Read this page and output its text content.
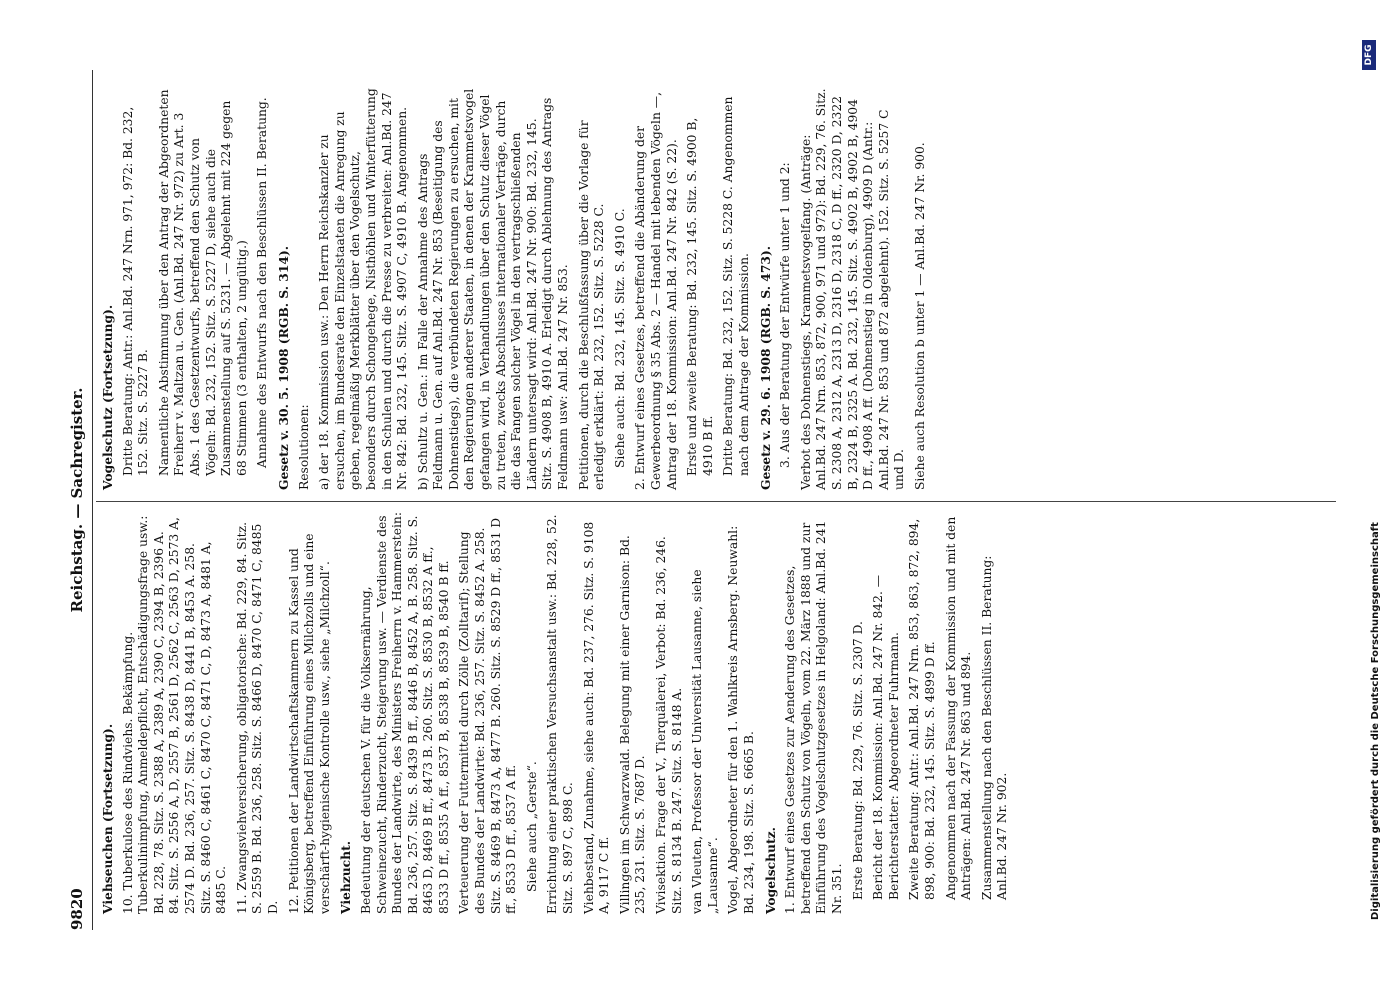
9820
Reichstag. — Sachregister.
Viehseuchen (Fortsetzung). 10. Tuberkulose des Rindviehs. Bekämpfung. Tuberkulinimpfung, Anmeldepflicht, Entschädigungsfrage usw.: Bd. 228, 78. Sitz. S. 2388 A, 2389 A, 2390 C, 2394 B, 2396 A. 84. Sitz. S. 2556 A, D, 2557 B, 2561 D, 2562 C, 2563 D, 2573 A, 2574 D. Bd. 236, 257. Sitz. S. 8438 D, 8441 B, 8453 A. 258. Sitz. S. 8460 C, 8461 C, 8470 C, 8471 C, D, 8473 A, 8481 A, 8485 C. 11. Zwangsviehversicherung, obligatorische: Bd. 229, 84. Sitz. S. 2559 B. Bd. 236, 258. Sitz. S. 8466 D, 8470 C, 8471 C, 8485 D. 12. Petitionen der Landwirtschaftskammern zu Kassel und Königsberg, betreffend Einführung eines Milchzolls und eine verschärft-hygienische Kontrolle usw., siehe „Milchzoll“. Viehzucht. Bedeutung der deutschen V. für die Volksernährung, Schweinezucht, Rinderzucht, Steigerung usw. — Verdienste des Bundes der Landwirte, des Ministers Freiherrn v. Hammerstein: Bd. 236, 257. Sitz. S. 8439 B ff., 8446 B, 8452 A, B. 258. Sitz. S. 8463 D, 8469 B ff., 8473 B. 260. Sitz. S. 8530 B, 8532 A ff., 8533 D ff., 8535 A ff., 8537 B, 8538 B, 8539 B, 8540 B ff. Verteuerung der Futtermittel durch Zölle (Zolltarif); Stellung des Bundes der Landwirte: Bd. 236, 257. Sitz. S. 8452 A. 258. Sitz. S. 8469 B, 8473 A, 8477 B. 260. Sitz. S. 8529 D ff., 8531 D ff., 8533 D ff., 8537 A ff. Siehe auch „Gerste“. Errichtung einer praktischen Versuchsanstalt usw.: Bd. 228, 52. Sitz. S. 897 C, 898 C. Viehbestand, Zunahme, siehe auch: Bd. 237, 276. Sitz. S. 9108 A, 9117 C ff. Villingen im Schwarzwald. Belegung mit einer Garnison: Bd. 235, 231. Sitz. S. 7687 D. Vivisektion. Frage der V., Tierquälerei, Verbot: Bd. 236, 246. Sitz. S. 8134 B. 247. Sitz. S. 8148 A. van Vleuten, Professor der Universität Lausanne, siehe „Lausanne“. Vogel, Abgeordneter für den 1. Wahlkreis Arnsberg. Neuwahl: Bd. 234, 198. Sitz. S. 6665 B. Vogelschutz. 1. Entwurf eines Gesetzes zur Aenderung des Gesetzes, betreffend den Schutz von Vögeln, vom 22. März 1888 und zur Einführung des Vogelschutzgesetzes in Helgoland: Anl.Bd. 241 Nr. 351. Erste Beratung: Bd. 229, 76. Sitz. S. 2307 D. Bericht der 18. Kommission: Anl.Bd. 247 Nr. 842. — Berichterstatter: Abgeordneter Fuhrmann. Zweite Beratung: Antr.: Anl.Bd. 247 Nrn. 853, 863, 872, 894, 898, 900: Bd. 232, 145. Sitz. S. 4899 D ff. Angenommen nach der Fassung der Kommission und mit den Anträgen: Anl.Bd. 247 Nr. 863 und 894. Zusammenstellung nach den Beschlüssen II. Beratung: Anl.Bd. 247 Nr. 902.
Vogelschutz (Fortsetzung). Dritte Beratung: Antr.: Anl.Bd. 247 Nrn. 971, 972: Bd. 232, 152. Sitz. S. 5227 B. Namentliche Abstimmung über den Antrag der Abgeordneten Freiherr v. Maltzan u. Gen. (Anl.Bd. 247 Nr. 972) zu Art. 3 Abs. 1 des Gesetzentwurfs, betreffend den Schutz von Vögeln: Bd. 232, 152. Sitz. S. 5227 D, siehe auch die Zusammenstellung auf S. 5231. — Abgelehnt mit 224 gegen 68 Stimmen (3 enthalten, 2 ungültig.) Annahme des Entwurfs nach den Beschlüssen II. Beratung. Gesetz v. 30. 5. 1908 (RGB. S. 314). Resolutionen: a) der 18. Kommission usw.: Den Herrn Reichskanzler zu ersuchen, im Bundesrate den Einzelstaaten die Anregung zu geben, regelmäßig Merkblätter über den Vogelschutz, besonders durch Schongehege, Nisthöhlen und Winterfütterung in den Schulen und durch die Presse zu verbreiten: Anl.Bd. 247 Nr. 842: Bd. 232, 145. Sitz. S. 4907 C, 4910 B. Angenommen. b) Schultz u. Gen.: Im Falle der Annahme des Antrags Feldmann u. Gen. auf Anl.Bd. 247 Nr. 853 (Beseitigung des Dohnenstiegs), die verbündeten Regierungen zu ersuchen, mit den Regierungen anderer Staaten, in denen der Krammetsvogel gefangen wird, in Verhandlungen über den Schutz dieser Vögel zu treten, zwecks Abschlusses internationaler Verträge, durch die das Fangen solcher Vögel in den vertragschließenden Ländern untersagt wird: Anl.Bd. 247 Nr. 900: Bd. 232, 145. Sitz. S. 4908 B, 4910 A. Erledigt durch Ablehnung des Antrags Feldmann usw: Anl.Bd. 247 Nr. 853. Petitionen, durch die Beschlußfassung über die Vorlage für erledigt erklärt: Bd. 232, 152. Sitz. S. 5228 C. Siehe auch: Bd. 232, 145. Sitz. S. 4910 C. 2. Entwurf eines Gesetzes, betreffend die Abänderung der Gewerbeordnung § 35 Abs. 2 — Handel mit lebenden Vögeln —, Antrag der 18. Kommission: Anl.Bd. 247 Nr. 842 (S. 22). Erste und zweite Beratung: Bd. 232, 145. Sitz. S. 4900 B, 4910 B ff. Dritte Beratung: Bd. 232, 152. Sitz. S. 5228 C. Angenommen nach dem Antrage der Kommission. Gesetz v. 29. 6. 1908 (RGB. S. 473). 3. Aus der Beratung der Entwürfe unter 1 und 2: Verbot des Dohnenstiegs, Krammetsvogelfang. (Anträge: Anl.Bd. 247 Nrn. 853, 872, 900, 971 und 972): Bd. 229, 76. Sitz. S. 2308 A, 2312 A, 2313 D, 2316 D, 2318 C, D ff., 2320 D, 2322 B, 2324 B, 2325 A. Bd. 232, 145. Sitz. S. 4902 B, 4902 B, 4904 D ff., 4908 A ff. (Dohnenstieg in Oldenburg), 4909 D (Antr.: Anl.Bd. 247 Nr. 853 und 872 abgelehnt). 152. Sitz. S. 5257 C und D. Siehe auch Resolution b unter 1 — Anl.Bd. 247 Nr. 900.
Digitalisierung gefördert durch die Deutsche Forschungsgemeinschaft
DFG
